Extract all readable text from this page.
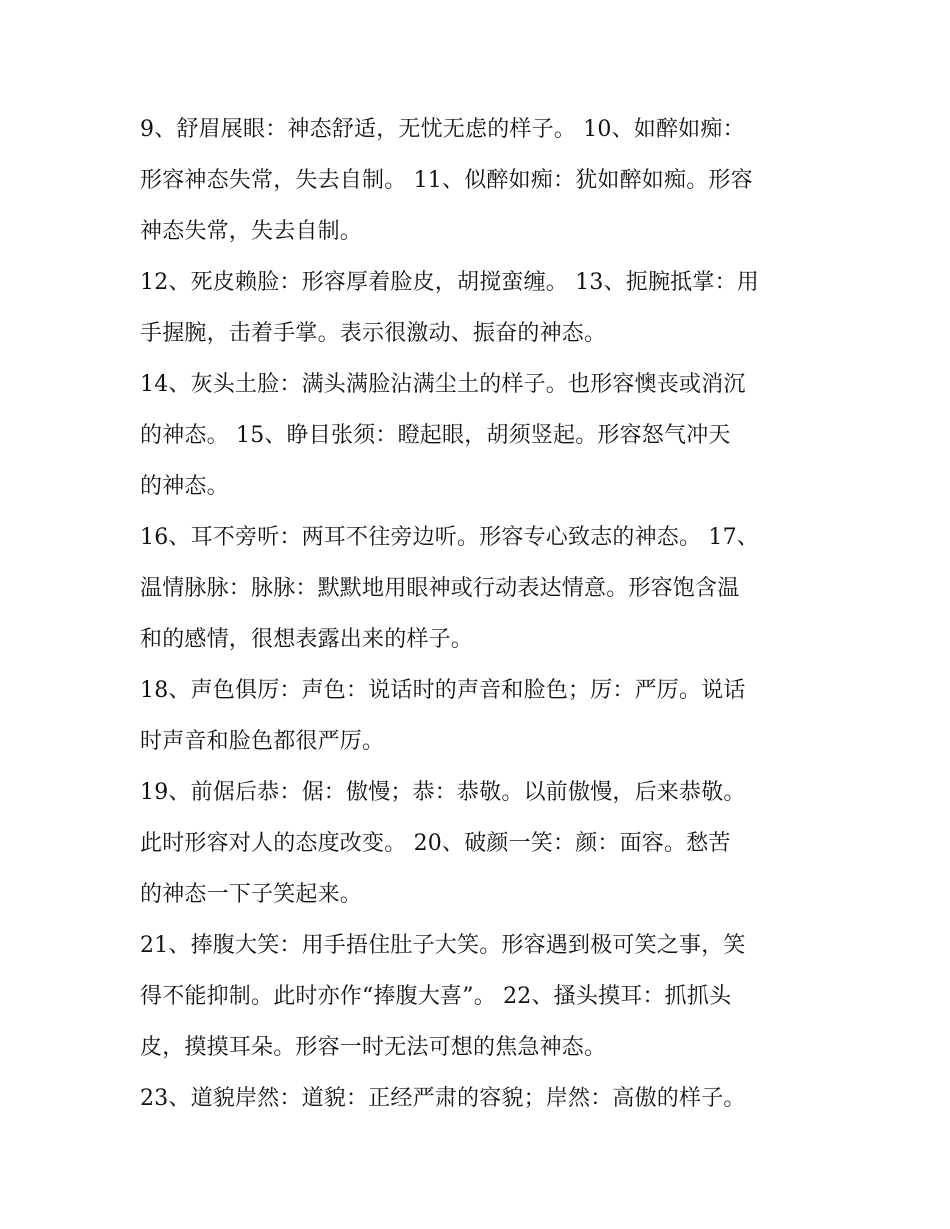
9、舒眉展眼：神态舒适，无忧无虑的样子。 10、如醉如痴：
形容神态失常，失去自制。 11、似醉如痴：犹如醉如痴。形容
神态失常，失去自制。

12、死皮赖脸：形容厚着脸皮，胡搅蛮缠。 13、扼腕抵掌：用
手握腕，击着手掌。表示很激动、振奋的神态。

14、灰头土脸：满头满脸沾满尘土的样子。也形容懊丧或消沉
的神态。 15、睁目张须：瞪起眼，胡须竖起。形容怒气冲天
的神态。

16、耳不旁听：两耳不往旁边听。形容专心致志的神态。 17、
温情脉脉：脉脉：默默地用眼神或行动表达情意。形容饱含温
和的感情，很想表露出来的样子。

18、声色俱厉：声色：说话时的声音和脸色；厉：严厉。说话
时声音和脸色都很严厉。

19、前倨后恭：倨：傲慢；恭：恭敬。以前傲慢，后来恭敬。
此时形容对人的态度改变。 20、破颜一笑：颜：面容。愁苦
的神态一下子笑起来。

21、捧腹大笑：用手捂住肚子大笑。形容遇到极可笑之事，笑
得不能抑制。此时亦作“捧腹大喜”。 22、搔头摸耳：抓抓头
皮，摸摸耳朵。形容一时无法可想的焦急神态。

23、道貌岸然：道貌：正经严肃的容貌；岸然：高傲的样子。
